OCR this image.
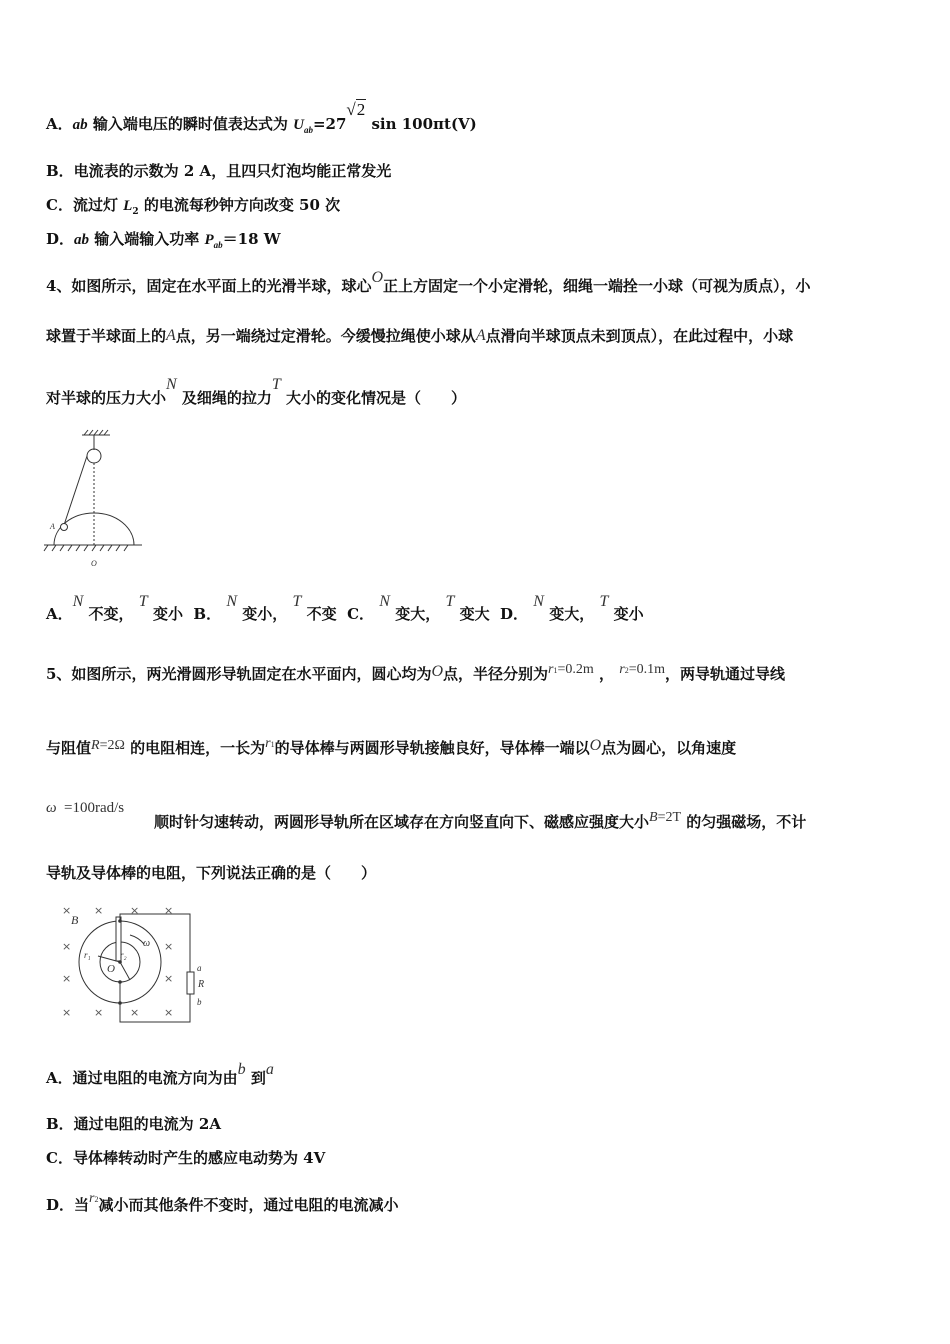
A．ab 输入端电压的瞬时值表达式为 $U_{ab}=27√2$ sin 100πt(V)
B．电流表的示数为 2 A，且四只灯泡均能正常发光
C．流过灯 $L_2$ 的电流每秒钟方向改变 50 次
D．ab 输入端输入功率 $P_{ab}=18$ W
4、如图所示，固定在水平面上的光滑半球，球心O正上方固定一个小定滑轮，细绳一端拴一小球（可视为质点），小
球置于半球面上的A点，另一端绕过定滑轮。今缓慢拉绳使小球从A点滑向半球顶点未到顶点），在此过程中，小球
对半球的压力大小N 及细绳的拉力T 大小的变化情况是（　　）
A
O
A．N 不变， T 变小 B． N 变小， T 不变 C． N 变大， T 变大 D． N 变大， T 变小
5、如图所示，两光滑圆形导轨固定在水平面内，圆心均为O点，半径分别为r1=0.2m ， r2=0.1m，两导轨通过导线
与阻值R=2Ω 的电阻相连，一长为r1的导体棒与两圆形导轨接触良好，导体棒一端以O点为圆心，以角速度
ω =100rad/s
顺时针匀速转动，两圆形导轨所在区域存在方向竖直向下、磁感应强度大小B=2T 的匀强磁场，不计
导轨及导体棒的电阻，下列说法正确的是（　　）
× × × ×
×	×
×	×
× × × ×
B
r₁	r₂
O
ω
a
R
b
A．通过电阻的电流方向为由b 到a
B．通过电阻的电流为 2A
C．导体棒转动时产生的感应电动势为 4V
D．当r2减小而其他条件不变时，通过电阻的电流减小
